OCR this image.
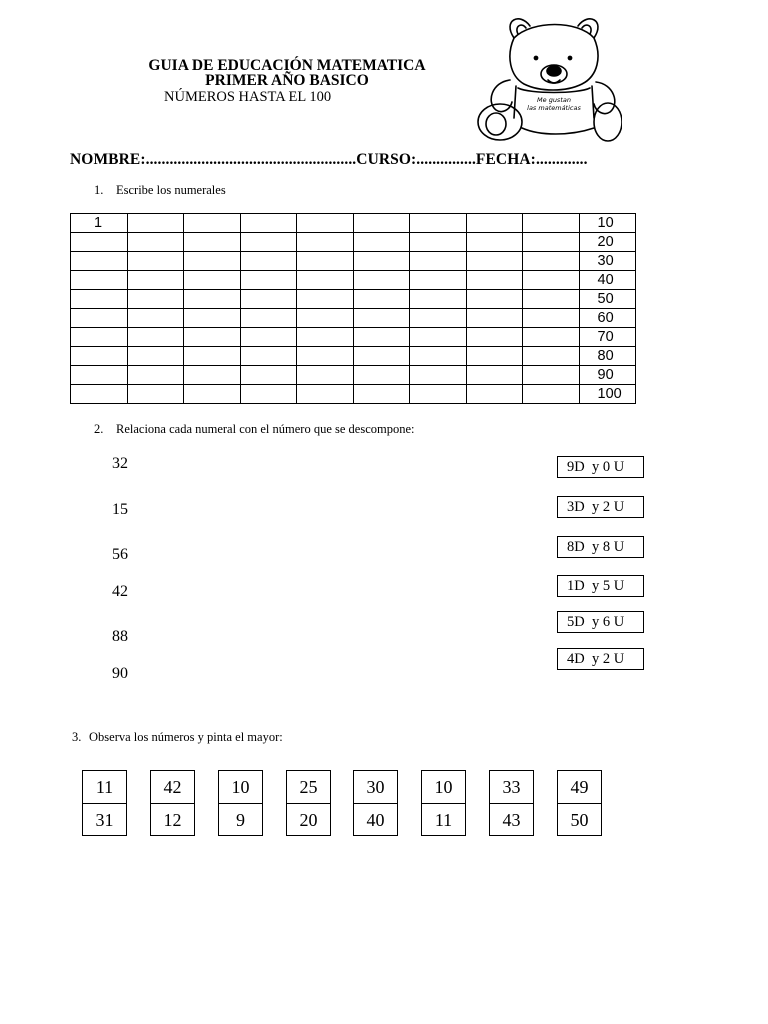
GUIA DE EDUCACIÓN MATEMATICA
PRIMER AÑO BASICO
NÚMEROS HASTA EL 100	Me gustan
las matemáticas
NOMBRE:.....................................................CURSO:...............FECHA:.............
1. Escribe los numerales
1									10
									20
									30
									40
									50
									60
									70
									80
									90
									100
2. Relaciona cada numeral con el número que se descompone:
32
15
56
42
88
90
9D  y 0 U
3D  y 2 U
8D  y 8 U
1D  y 5 U
5D  y 6 U
4D  y 2 U
3. Observa los números y pinta el mayor:
11
31
42
12
10
9
25
20
30
40
10
11
33
43
49
50
